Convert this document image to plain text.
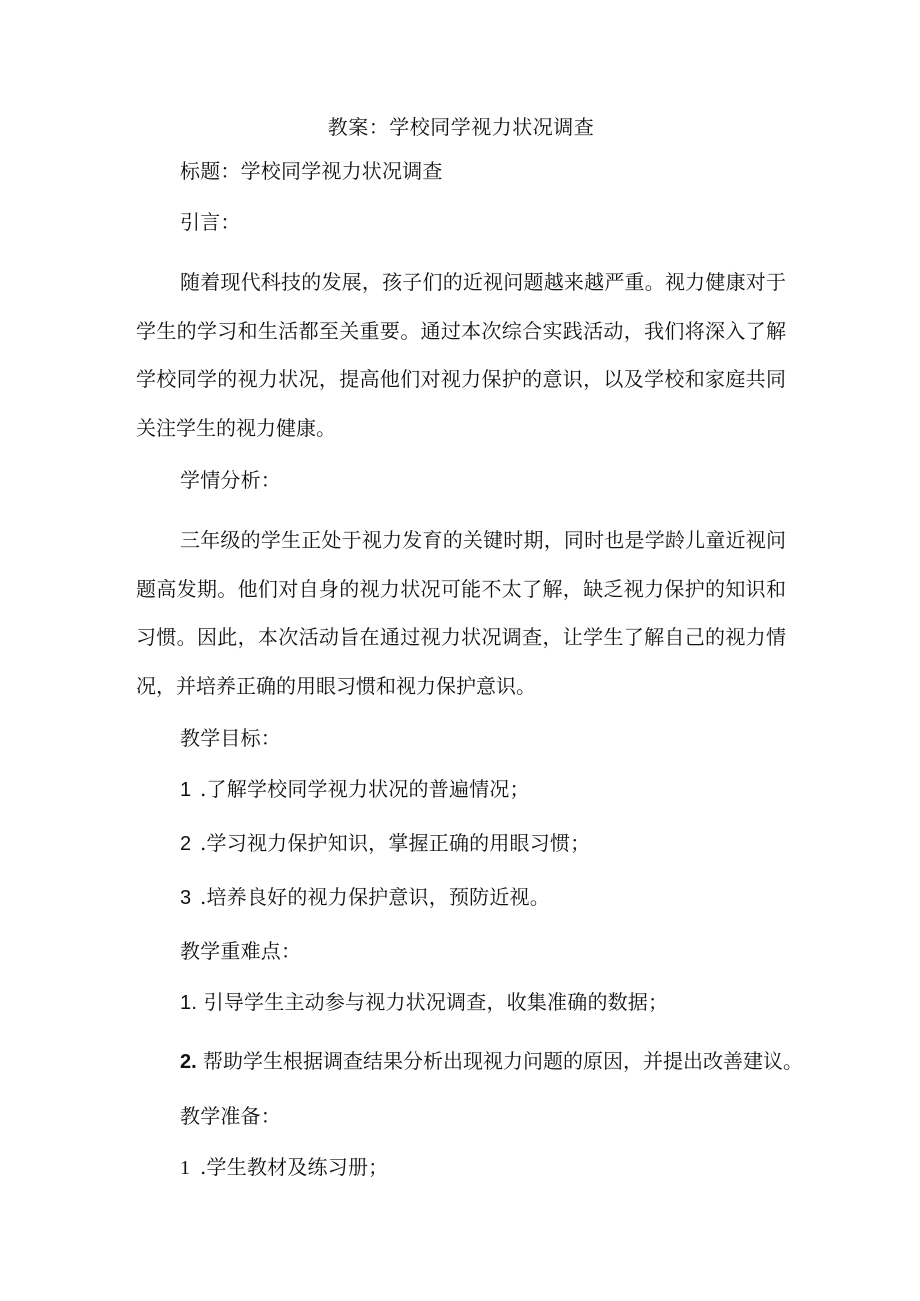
教案：学校同学视力状况调查

标题：学校同学视力状况调查

引言：

随着现代科技的发展，孩子们的近视问题越来越严重。视力健康对于学生的学习和生活都至关重要。通过本次综合实践活动，我们将深入了解学校同学的视力状况，提高他们对视力保护的意识，以及学校和家庭共同关注学生的视力健康。

学情分析：

三年级的学生正处于视力发育的关键时期，同时也是学龄儿童近视问题高发期。他们对自身的视力状况可能不太了解，缺乏视力保护的知识和习惯。因此，本次活动旨在通过视力状况调查，让学生了解自己的视力情况，并培养正确的用眼习惯和视力保护意识。

教学目标：

1 .了解学校同学视力状况的普遍情况；

2 .学习视力保护知识，掌握正确的用眼习惯；

3 .培养良好的视力保护意识，预防近视。

教学重难点：

1. 引导学生主动参与视力状况调查，收集准确的数据；

2. 帮助学生根据调查结果分析出现视力问题的原因，并提出改善建议。

教学准备：

1 .学生教材及练习册；
